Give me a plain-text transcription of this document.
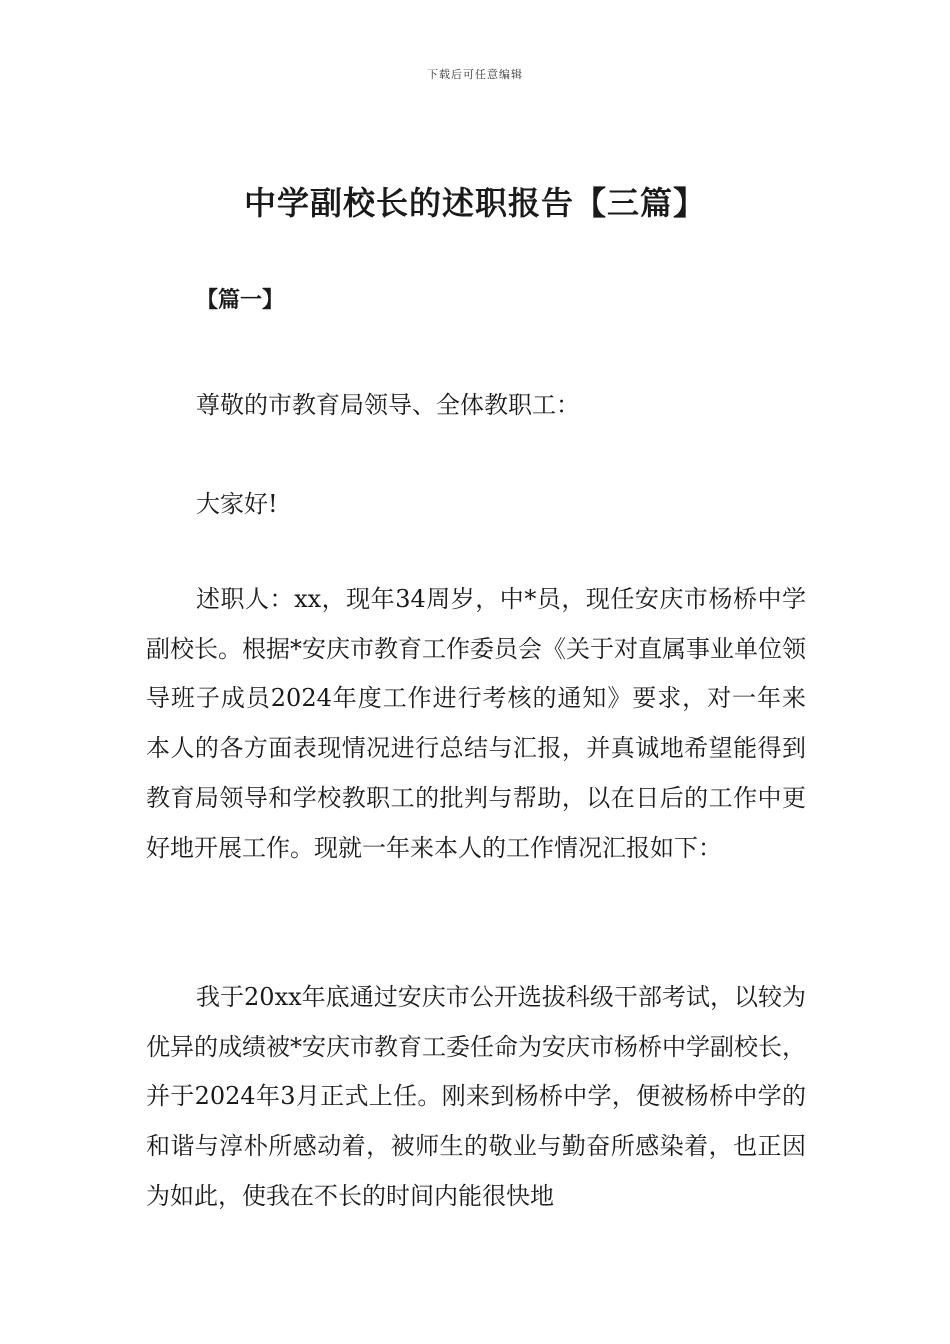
下载后可任意编辑
中学副校长的述职报告【三篇】
【篇一】
尊敬的市教育局领导、全体教职工：
大家好!

述职人：xx，现年34周岁，中*员，现任安庆市杨桥中学副校长。根据*安庆市教育工作委员会《关于对直属事业单位领导班子成员2024年度工作进行考核的通知》要求，对一年来本人的各方面表现情况进行总结与汇报，并真诚地希望能得到教育局领导和学校教职工的批判与帮助，以在日后的工作中更好地开展工作。现就一年来本人的工作情况汇报如下：

我于20xx年底通过安庆市公开选拔科级干部考试，以较为优异的成绩被*安庆市教育工委任命为安庆市杨桥中学副校长，并于2024年3月正式上任。刚来到杨桥中学，便被杨桥中学的和谐与淳朴所感动着，被师生的敬业与勤奋所感染着，也正因为如此，使我在不长的时间内能很快地
